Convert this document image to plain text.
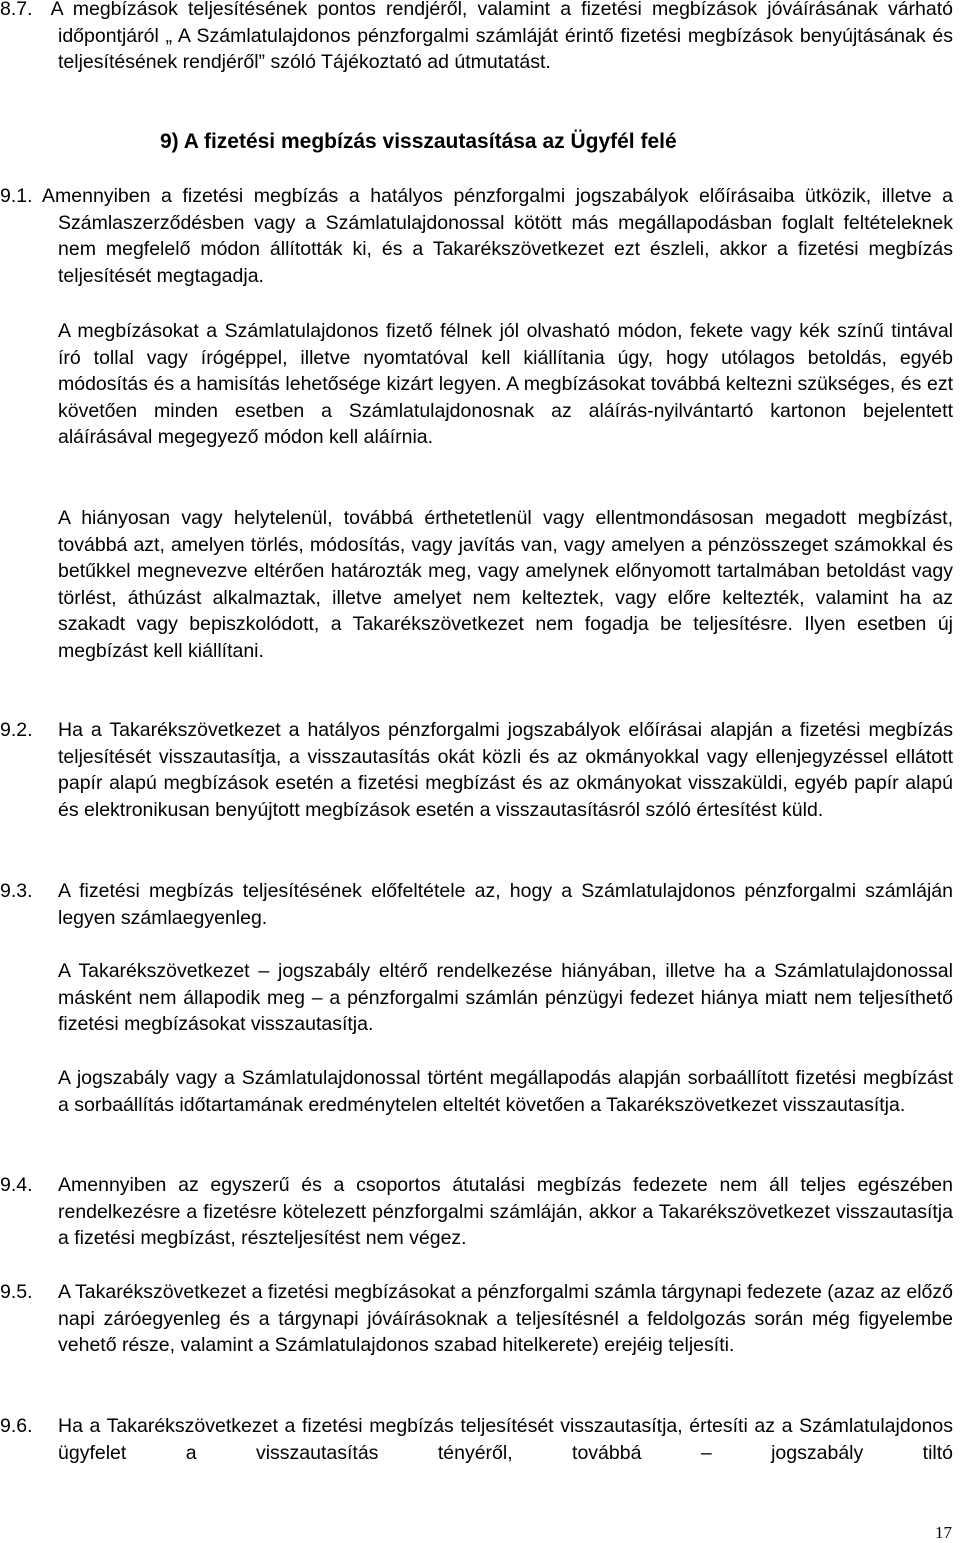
8.7. A megbízások teljesítésének pontos rendjéről, valamint a fizetési megbízások jóváírásának várható időpontjáról „ A Számlatulajdonos pénzforgalmi számláját érintő fizetési megbízások benyújtásának és teljesítésének rendjéről” szóló Tájékoztató ad útmutatást.
9) A fizetési megbízás visszautasítása az Ügyfél felé
9.1. Amennyiben a fizetési megbízás a hatályos pénzforgalmi jogszabályok előírásaiba ütközik, illetve a Számlaszerződésben vagy a Számlatulajdonossal kötött más megállapodásban foglalt feltételeknek nem megfelelő módon állították ki, és a Takarékszövetkezet ezt észleli, akkor a fizetési megbízás teljesítését megtagadja.
A megbízásokat a Számlatulajdonos fizető félnek jól olvasható módon, fekete vagy kék színű tintával író tollal vagy írógéppel, illetve nyomtatóval kell kiállítania úgy, hogy utólagos betoldás, egyéb módosítás és a hamisítás lehetősége kizárt legyen. A megbízásokat továbbá keltezni szükséges, és ezt követően minden esetben a Számlatulajdonosnak az aláírás-nyilvántartó kartonon bejelentett aláírásával megegyező módon kell aláírnia.
A hiányosan vagy helytelenül, továbbá érthetetlenül vagy ellentmondásosan megadott megbízást, továbbá azt, amelyen törlés, módosítás, vagy javítás van, vagy amelyen a pénzösszeget számokkal és betűkkel megnevezve eltérően határozták meg, vagy amelynek előnyomott tartalmában betoldást vagy törlést, áthúzást alkalmaztak, illetve amelyet nem kelteztek, vagy előre keltezték, valamint ha az szakadt vagy bepiszkolódott, a Takarékszövetkezet nem fogadja be teljesítésre. Ilyen esetben új megbízást kell kiállítani.
9.2. Ha a Takarékszövetkezet a hatályos pénzforgalmi jogszabályok előírásai alapján a fizetési megbízás teljesítését visszautasítja, a visszautasítás okát közli és az okmányokkal vagy ellenjegyzéssel ellátott papír alapú megbízások esetén a fizetési megbízást és az okmányokat visszaküldi, egyéb papír alapú és elektronikusan benyújtott megbízások esetén a visszautasításról szóló értesítést küld.
9.3. A fizetési megbízás teljesítésének előfeltétele az, hogy a Számlatulajdonos pénzforgalmi számláján legyen számlaegyenleg.
A Takarékszövetkezet – jogszabály eltérő rendelkezése hiányában, illetve ha a Számlatulajdonossal másként nem állapodik meg – a pénzforgalmi számlán pénzügyi fedezet hiánya miatt nem teljesíthető fizetési megbízásokat visszautasítja.
A jogszabály vagy a Számlatulajdonossal történt megállapodás alapján sorbaállított fizetési megbízást a sorbaállítás időtartamának eredménytelen elteltét követően a Takarékszövetkezet visszautasítja.
9.4. Amennyiben az egyszerű és a csoportos átutalási megbízás fedezete nem áll teljes egészében rendelkezésre a fizetésre kötelezett pénzforgalmi számláján, akkor a Takarékszövetkezet visszautasítja a fizetési megbízást, részteljesítést nem végez.
9.5. A Takarékszövetkezet a fizetési megbízásokat a pénzforgalmi számla tárgynapi fedezete (azaz az előző napi záróegyenleg és a tárgynapi jóváírásoknak a teljesítésnél a feldolgozás során még figyelembe vehető része, valamint a Számlatulajdonos szabad hitelkerete) erejéig teljesíti.
9.6. Ha a Takarékszövetkezet a fizetési megbízás teljesítését visszautasítja, értesíti az a Számlatulajdonos ügyfelet a visszautasítás tényéről, továbbá – jogszabály tiltó
17
